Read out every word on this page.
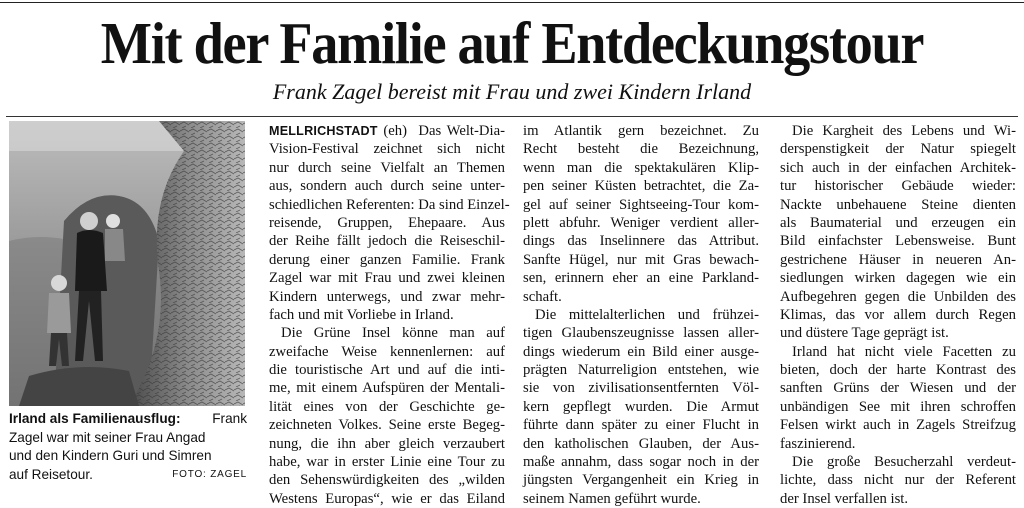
Mit der Familie auf Entdeckungstour
Frank Zagel bereist mit Frau und zwei Kindern Irland
Irland als Familienausflug: Frank
Zagel war mit seiner Frau Angad
und den Kindern Guri und Simren
auf Reisetour.	FOTO: ZAGEL
MELLRICHSTADT (eh)  Das Welt-Dia-
Vision-Festival zeichnet sich nicht
nur durch seine Vielfalt an Themen
aus, sondern auch durch seine unter-
schiedlichen Referenten: Da sind Einzel-
reisende, Gruppen, Ehepaare. Aus
der Reihe fällt jedoch die Reiseschil-
derung einer ganzen Familie. Frank
Zagel war mit Frau und zwei kleinen
Kindern unterwegs, und zwar mehr-
fach und mit Vorliebe in Irland.
Die Grüne Insel könne man auf
zweifache Weise kennenlernen: auf
die touristische Art und auf die inti-
me, mit einem Aufspüren der Mentali-
lität eines von der Geschichte ge-
zeichneten Volkes. Seine erste Begeg-
nung, die ihn aber gleich verzaubert
habe, war in erster Linie eine Tour zu
den Sehenswürdigkeiten des „wilden
Westens Europas“, wie er das Eiland
im Atlantik gern bezeichnet. Zu
Recht besteht die Bezeichnung,
wenn man die spektakulären Klip-
pen seiner Küsten betrachtet, die Za-
gel auf seiner Sightseeing-Tour kom-
plett abfuhr. Weniger verdient aller-
dings das Inselinnere das Attribut.
Sanfte Hügel, nur mit Gras bewach-
sen, erinnern eher an eine Parkland-
schaft.
Die mittelalterlichen und frühzei-
tigen Glaubenszeugnisse lassen aller-
dings wiederum ein Bild einer ausge-
prägten Naturreligion entstehen, wie
sie von zivilisationsentfernten Völ-
kern gepflegt wurden. Die Armut
führte dann später zu einer Flucht in
den katholischen Glauben, der Aus-
maße annahm, dass sogar noch in der
jüngsten Vergangenheit ein Krieg in
seinem Namen geführt wurde.
Die Kargheit des Lebens und Wi-
derspenstigkeit der Natur spiegelt
sich auch in der einfachen Architek-
tur historischer Gebäude wieder:
Nackte unbehauene Steine dienten
als Baumaterial und erzeugen ein
Bild einfachster Lebensweise. Bunt
gestrichene Häuser in neueren An-
siedlungen wirken dagegen wie ein
Aufbegehren gegen die Unbilden des
Klimas, das vor allem durch Regen
und düstere Tage geprägt ist.
Irland hat nicht viele Facetten zu
bieten, doch der harte Kontrast des
sanften Grüns der Wiesen und der
unbändigen See mit ihren schroffen
Felsen wirkt auch in Zagels Streifzug
faszinierend.
Die große Besucherzahl verdeut-
lichte, dass nicht nur der Referent
der Insel verfallen ist.
